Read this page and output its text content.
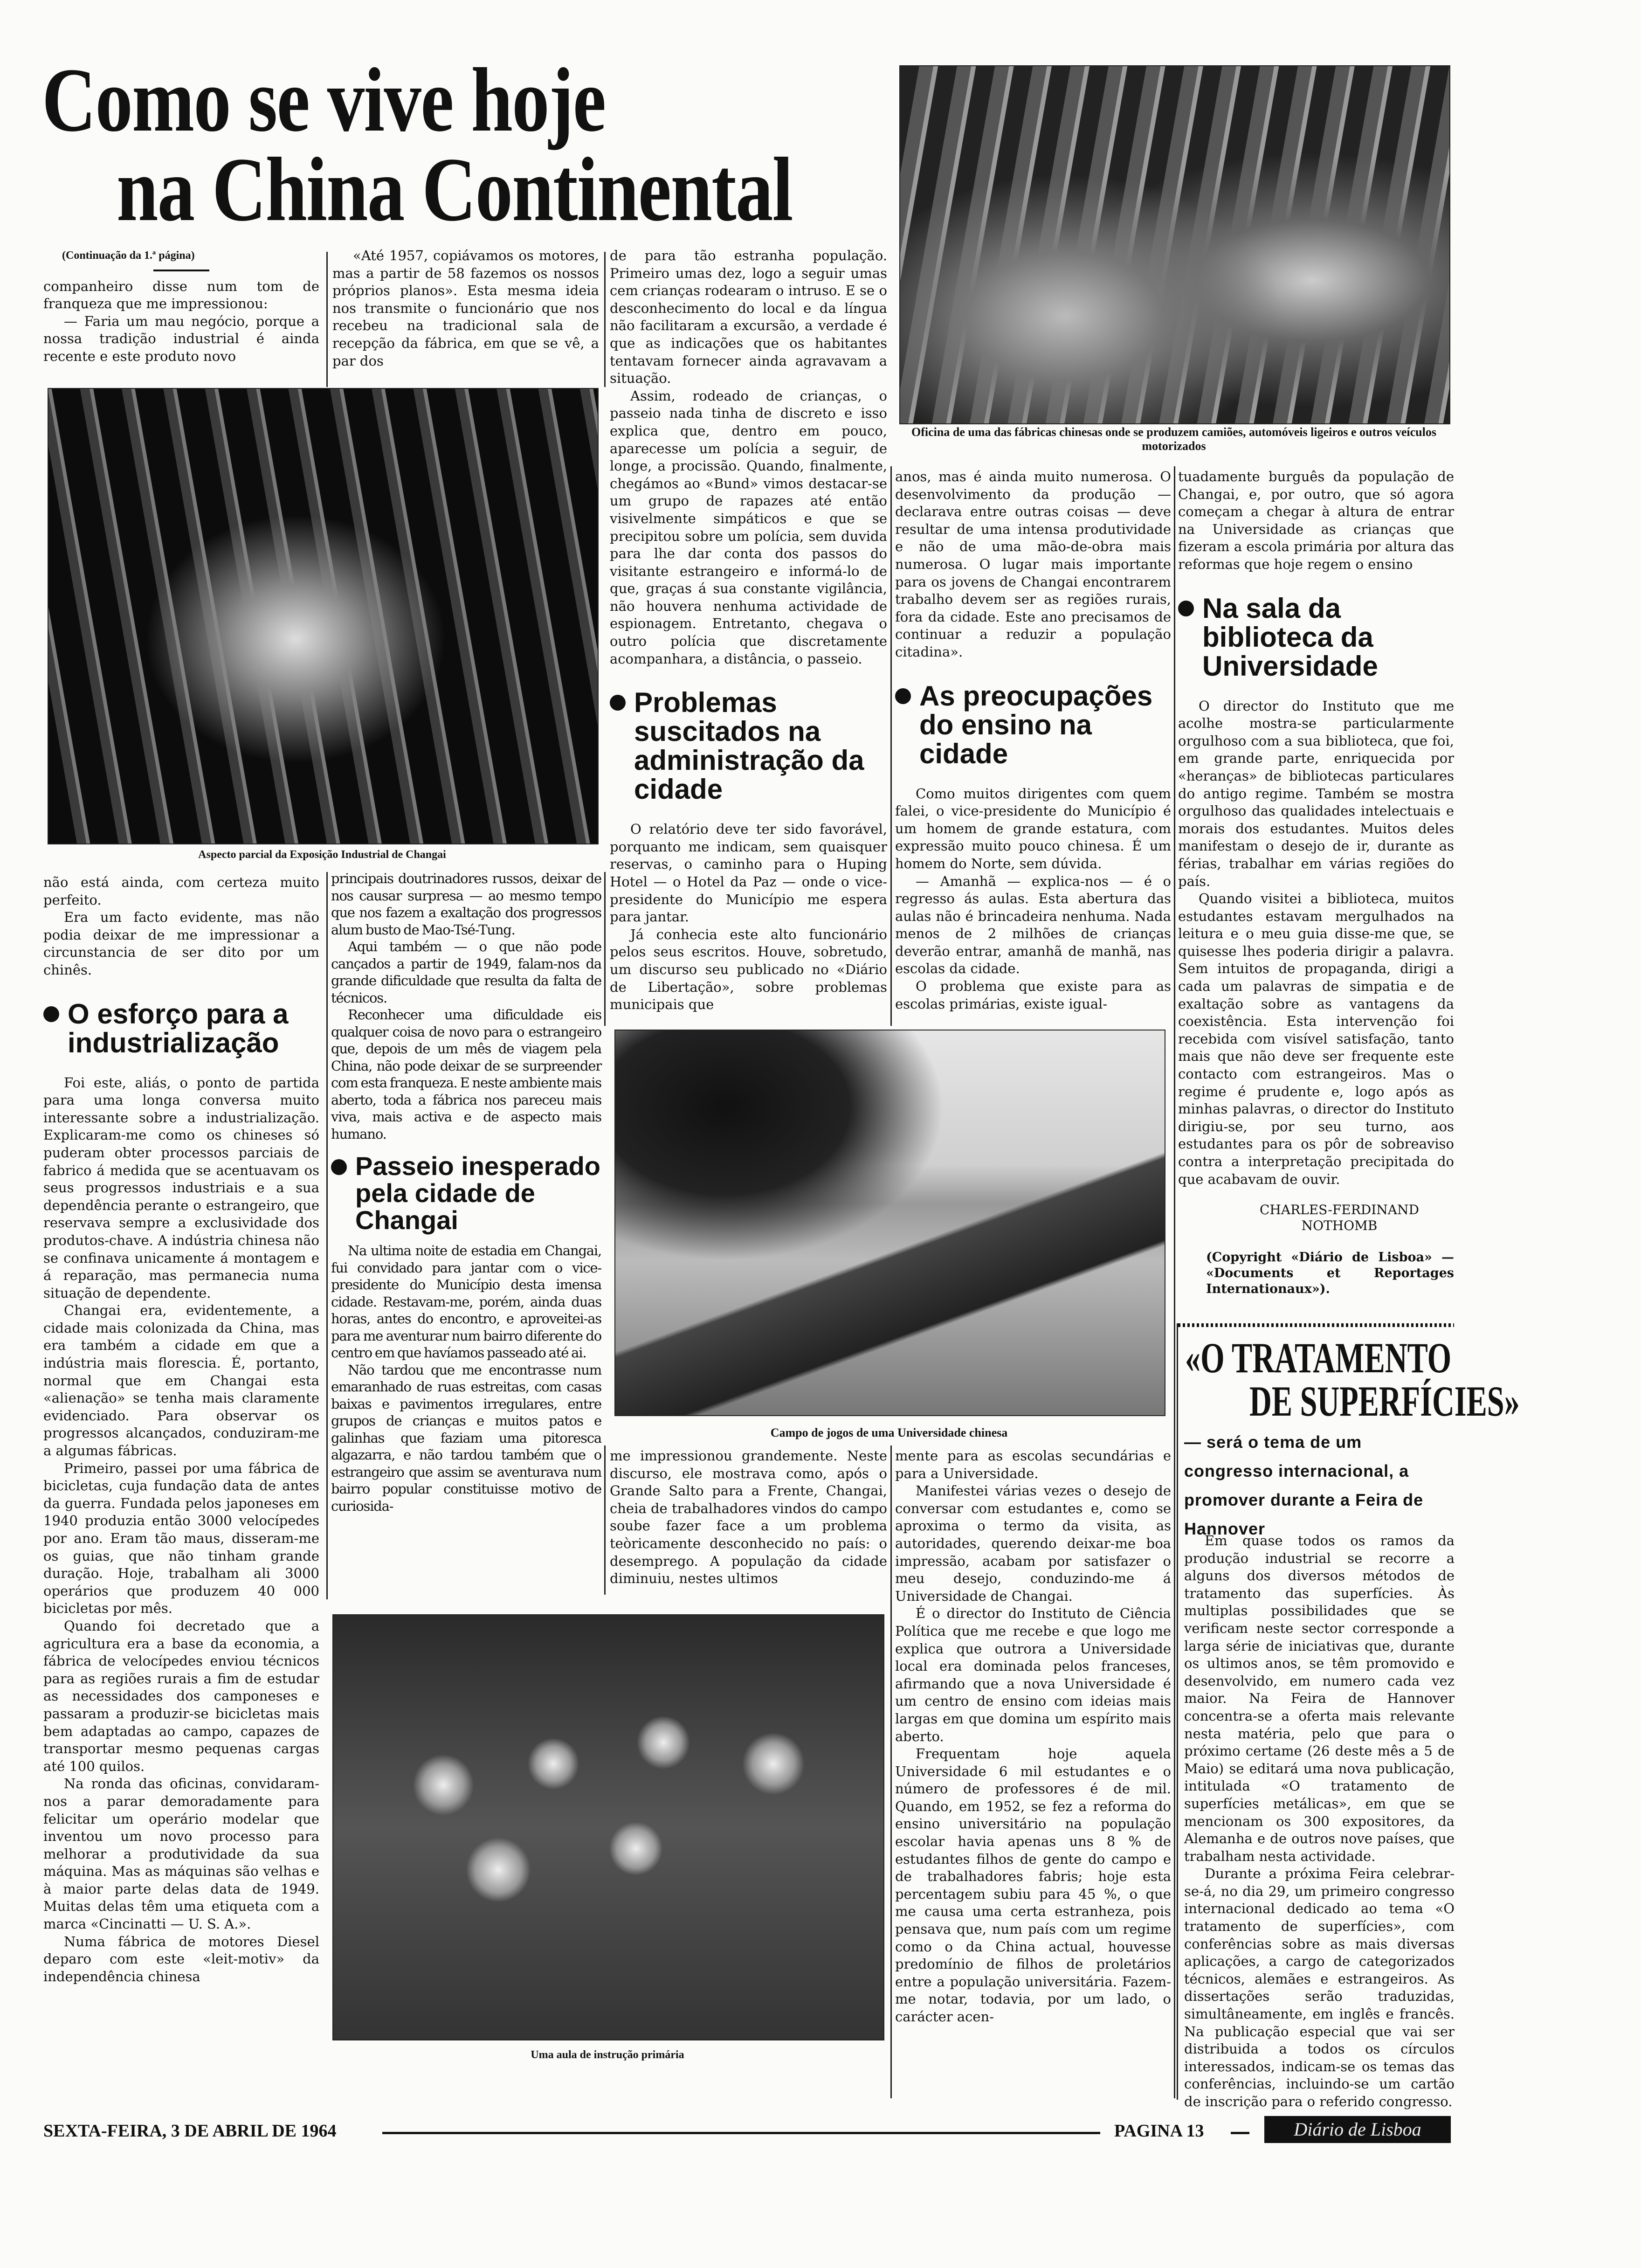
Como se vive hoje
na China Continental
(Continuação da 1.ª página)

companheiro disse num tom de franqueza que me impressionou:

— Faria um mau negócio, porque a nossa tradição industrial é ainda recente e este produto novo

«Até 1957, copiávamos os motores, mas a partir de 58 fazemos os nossos próprios planos». Esta mesma ideia nos transmite o funcionário que nos recebeu na tradicional sala de recepção da fábrica, em que se vê, a par dos

de para tão estranha população. Primeiro umas dez, logo a seguir umas cem crianças rodearam o intruso. E se o desconhecimento do local e da língua não facilitaram a excursão, a verdade é que as indicações que os habitantes tentavam fornecer ainda agravavam a situação.

Assim, rodeado de crianças, o passeio nada tinha de discreto e isso explica que, dentro em pouco, aparecesse um polícia a seguir, de longe, a procissão. Quando, finalmente, chegámos ao «Bund» vimos destacar-se um grupo de rapazes até então visivelmente simpáticos e que se precipitou sobre um polícia, sem duvida para lhe dar conta dos passos do visitante estrangeiro e informá-lo de que, graças á sua constante vigilância, não houvera nenhuma actividade de espionagem. Entretanto, chegava o outro polícia que discretamente acompanhara, a distância, o passeio.

Problemas suscitados na administração da cidade

O relatório deve ter sido favorável, porquanto me indicam, sem quaisquer reservas, o caminho para o Huping Hotel — o Hotel da Paz — onde o vice-presidente do Município me espera para jantar.

Já conhecia este alto funcionário pelos seus escritos. Houve, sobretudo, um discurso seu publicado no «Diário de Libertação», sobre problemas municipais que

Oficina de uma das fábricas chinesas onde se produzem camiões, automóveis ligeiros e outros veículos motorizados
Aspecto parcial da Exposição Industrial de Changai

não está ainda, com certeza muito perfeito.

Era um facto evidente, mas não podia deixar de me impressionar a circunstancia de ser dito por um chinês.

O esforço para a industrialização

Foi este, aliás, o ponto de partida para uma longa conversa muito interessante sobre a industrialização. Explicaram-me como os chineses só puderam obter processos parciais de fabrico á medida que se acentuavam os seus progressos industriais e a sua dependência perante o estrangeiro, que reservava sempre a exclusividade dos produtos-chave. A indústria chinesa não se confinava unicamente á montagem e á reparação, mas permanecia numa situação de dependente.

Changai era, evidentemente, a cidade mais colonizada da China, mas era também a cidade em que a indústria mais florescia. É, portanto, normal que em Changai esta «alienação» se tenha mais claramente evidenciado. Para observar os progressos alcançados, conduziram-me a algumas fábricas.

Primeiro, passei por uma fábrica de bicicletas, cuja fundação data de antes da guerra. Fundada pelos japoneses em 1940 produzia então 3000 velocípedes por ano. Eram tão maus, disseram-me os guias, que não tinham grande duração. Hoje, trabalham ali 3000 operários que produzem 40 000 bicicletas por mês.

Quando foi decretado que a agricultura era a base da economia, a fábrica de velocípedes enviou técnicos para as regiões rurais a fim de estudar as necessidades dos camponeses e passaram a produzir-se bicicletas mais bem adaptadas ao campo, capazes de transportar mesmo pequenas cargas até 100 quilos.

Na ronda das oficinas, convidaram-nos a parar demoradamente para felicitar um operário modelar que inventou um novo processo para melhorar a produtividade da sua máquina. Mas as máquinas são velhas e à maior parte delas data de 1949. Muitas delas têm uma etiqueta com a marca «Cincinatti — U. S. A.».

Numa fábrica de motores Diesel deparo com este «leit-motiv» da independência chinesa

principais doutrinadores russos, deixar de nos causar surpresa — ao mesmo tempo que nos fazem a exaltação dos progressos alum busto de Mao-Tsé-Tung.

Aqui também — o que não pode cançados a partir de 1949, falam-nos da grande dificuldade que resulta da falta de técnicos.

Reconhecer uma dificuldade eis qualquer coisa de novo para o estrangeiro que, depois de um mês de viagem pela China, não pode deixar de se surpreender com esta franqueza. E neste ambiente mais aberto, toda a fábrica nos pareceu mais viva, mais activa e de aspecto mais humano.

Passeio inesperado pela cidade de Changai

Na ultima noite de estadia em Changai, fui convidado para jantar com o vice-presidente do Município desta imensa cidade. Restavam-me, porém, ainda duas horas, antes do encontro, e aproveitei-as para me aventurar num bairro diferente do centro em que havíamos passeado até ai.

Não tardou que me encontrasse num emaranhado de ruas estreitas, com casas baixas e pavimentos irregulares, entre grupos de crianças e muitos patos e galinhas que faziam uma pitoresca algazarra, e não tardou também que o estrangeiro que assim se aventurava num bairro popular constituisse motivo de curiosida-

Campo de jogos de uma Universidade chinesa

me impressionou grandemente. Neste discurso, ele mostrava como, após o Grande Salto para a Frente, Changai, cheia de trabalhadores vindos do campo soube fazer face a um problema teòricamente desconhecido no país: o desemprego. A população da cidade diminuiu, nestes ultimos

Uma aula de instrução primária

anos, mas é ainda muito numerosa. O desenvolvimento da produção — declarava entre outras coisas — deve resultar de uma intensa produtividade e não de uma mão-de-obra mais numerosa. O lugar mais importante para os jovens de Changai encontrarem trabalho devem ser as regiões rurais, fora da cidade. Este ano precisamos de continuar a reduzir a população citadina».

As preocupações do ensino na cidade

Como muitos dirigentes com quem falei, o vice-presidente do Município é um homem de grande estatura, com expressão muito pouco chinesa. É um homem do Norte, sem dúvida.

— Amanhã — explica-nos — é o regresso ás aulas. Esta abertura das aulas não é brincadeira nenhuma. Nada menos de 2 milhões de crianças deverão entrar, amanhã de manhã, nas escolas da cidade.

O problema que existe para as escolas primárias, existe igual-

mente para as escolas secundárias e para a Universidade.

Manifestei várias vezes o desejo de conversar com estudantes e, como se aproxima o termo da visita, as autoridades, querendo deixar-me boa impressão, acabam por satisfazer o meu desejo, conduzindo-me á Universidade de Changai.

É o director do Instituto de Ciência Política que me recebe e que logo me explica que outrora a Universidade local era dominada pelos franceses, afirmando que a nova Universidade é um centro de ensino com ideias mais largas em que domina um espírito mais aberto.

Frequentam hoje aquela Universidade 6 mil estudantes e o número de professores é de mil. Quando, em 1952, se fez a reforma do ensino universitário na população escolar havia apenas uns 8 % de estudantes filhos de gente do campo e de trabalhadores fabris; hoje esta percentagem subiu para 45 %, o que me causa uma certa estranheza, pois pensava que, num país com um regime como o da China actual, houvesse predomínio de filhos de proletários entre a população universitária. Fazem-me notar, todavia, por um lado, o carácter acen-

tuadamente burguês da população de Changai, e, por outro, que só agora começam a chegar à altura de entrar na Universidade as crianças que fizeram a escola primária por altura das reformas que hoje regem o ensino

Na sala da biblioteca da Universidade

O director do Instituto que me acolhe mostra-se particularmente orgulhoso com a sua biblioteca, que foi, em grande parte, enriquecida por «heranças» de bibliotecas particulares do antigo regime. Também se mostra orgulhoso das qualidades intelectuais e morais dos estudantes. Muitos deles manifestam o desejo de ir, durante as férias, trabalhar em várias regiões do país.

Quando visitei a biblioteca, muitos estudantes estavam mergulhados na leitura e o meu guia disse-me que, se quisesse lhes poderia dirigir a palavra. Sem intuitos de propaganda, dirigi a cada um palavras de simpatia e de exaltação sobre as vantagens da coexistência. Esta intervenção foi recebida com visível satisfação, tanto mais que não deve ser frequente este contacto com estrangeiros. Mas o regime é prudente e, logo após as minhas palavras, o director do Instituto dirigiu-se, por seu turno, aos estudantes para os pôr de sobreaviso contra a interpretação precipitada do que acabavam de ouvir.

CHARLES-FERDINAND
NOTHOMB

(Copyright «Diário de Lisboa» — «Documents et Reportages Internationaux»).

«O TRATAMENTO
DE SUPERFÍCIES»
— será o tema de um congresso internacional, a promover durante a Feira de Hannover

Em quase todos os ramos da produção industrial se recorre a alguns dos diversos métodos de tratamento das superfícies. Às multiplas possibilidades que se verificam neste sector corresponde a larga série de iniciativas que, durante os ultimos anos, se têm promovido e desenvolvido, em numero cada vez maior. Na Feira de Hannover concentra-se a oferta mais relevante nesta matéria, pelo que para o próximo certame (26 deste mês a 5 de Maio) se editará uma nova publicação, intitulada «O tratamento de superfícies metálicas», em que se mencionam os 300 expositores, da Alemanha e de outros nove países, que trabalham nesta actividade.

Durante a próxima Feira celebrar-se-á, no dia 29, um primeiro congresso internacional dedicado ao tema «O tratamento de superfícies», com conferências sobre as mais diversas aplicações, a cargo de categorizados técnicos, alemães e estrangeiros. As dissertações serão traduzidas, simultâneamente, em inglês e francês. Na publicação especial que vai ser distribuida a todos os círculos interessados, indicam-se os temas das conferências, incluindo-se um cartão de inscrição para o referido congresso.

SEXTA-FEIRA, 3 DE ABRIL DE 1964	PAGINA 13	Diário de Lisboa
